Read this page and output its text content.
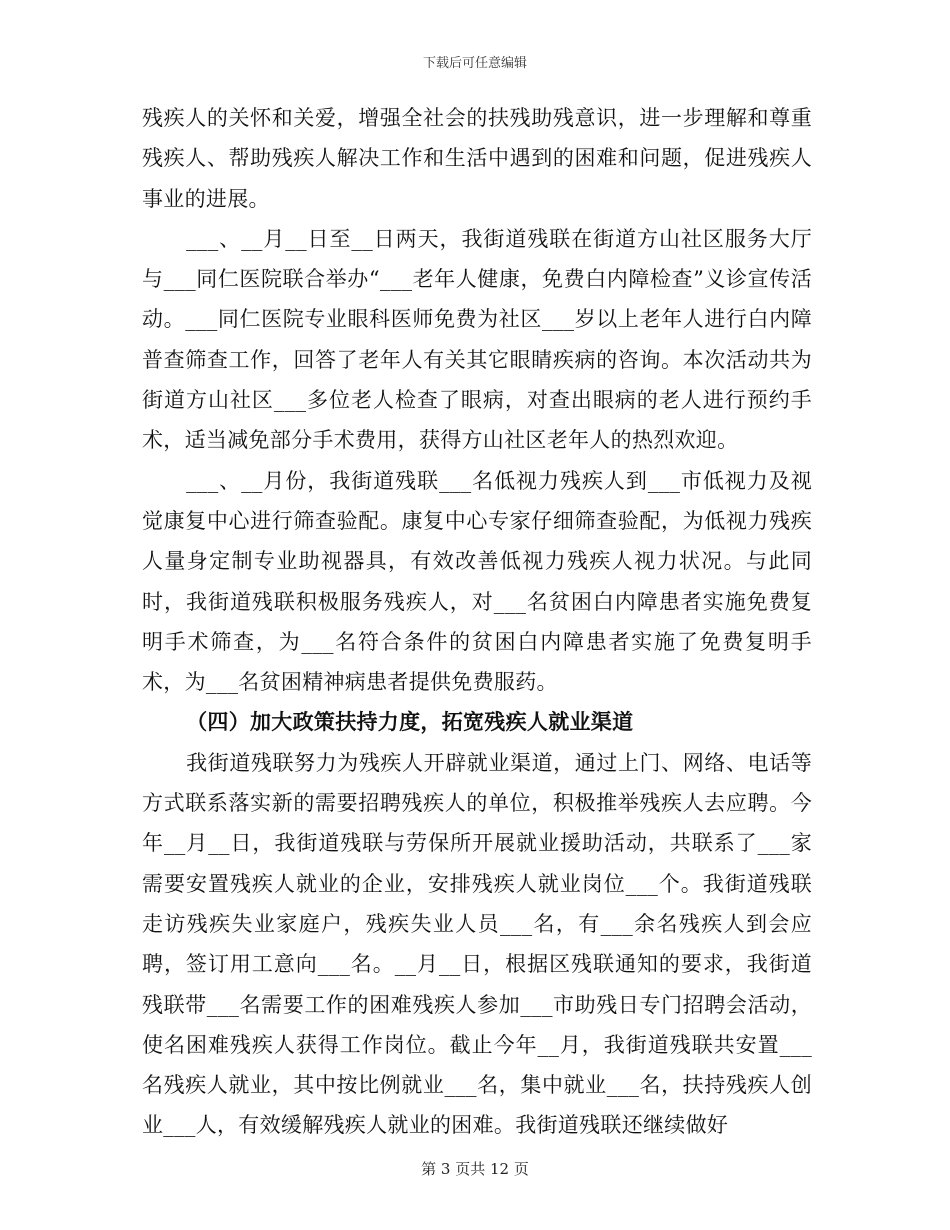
下载后可任意编辑

残疾人的关怀和关爱，增强全社会的扶残助残意识，进一步理解和尊重残疾人、帮助残疾人解决工作和生活中遇到的困难和问题，促进残疾人事业的进展。

___、__月__日至__日两天，我街道残联在街道方山社区服务大厅与___同仁医院联合举办“___老年人健康，免费白内障检查”义诊宣传活动。___同仁医院专业眼科医师免费为社区___岁以上老年人进行白内障普查筛查工作，回答了老年人有关其它眼睛疾病的咨询。本次活动共为街道方山社区___多位老人检查了眼病，对查出眼病的老人进行预约手术，适当减免部分手术费用，获得方山社区老年人的热烈欢迎。

___、__月份，我街道残联___名低视力残疾人到___市低视力及视觉康复中心进行筛查验配。康复中心专家仔细筛查验配，为低视力残疾人量身定制专业助视器具，有效改善低视力残疾人视力状况。与此同时，我街道残联积极服务残疾人，对___名贫困白内障患者实施免费复明手术筛查，为___名符合条件的贫困白内障患者实施了免费复明手术，为___名贫困精神病患者提供免费服药。

（四）加大政策扶持力度，拓宽残疾人就业渠道

我街道残联努力为残疾人开辟就业渠道，通过上门、网络、电话等方式联系落实新的需要招聘残疾人的单位，积极推举残疾人去应聘。今年__月__日，我街道残联与劳保所开展就业援助活动，共联系了___家需要安置残疾人就业的企业，安排残疾人就业岗位___个。我街道残联走访残疾失业家庭户，残疾失业人员___名，有___余名残疾人到会应聘，签订用工意向___名。__月__日，根据区残联通知的要求，我街道残联带___名需要工作的困难残疾人参加___市助残日专门招聘会活动，使名困难残疾人获得工作岗位。截止今年__月，我街道残联共安置___名残疾人就业，其中按比例就业___名，集中就业___名，扶持残疾人创业___人，有效缓解残疾人就业的困难。我街道残联还继续做好

第 3 页共 12 页
